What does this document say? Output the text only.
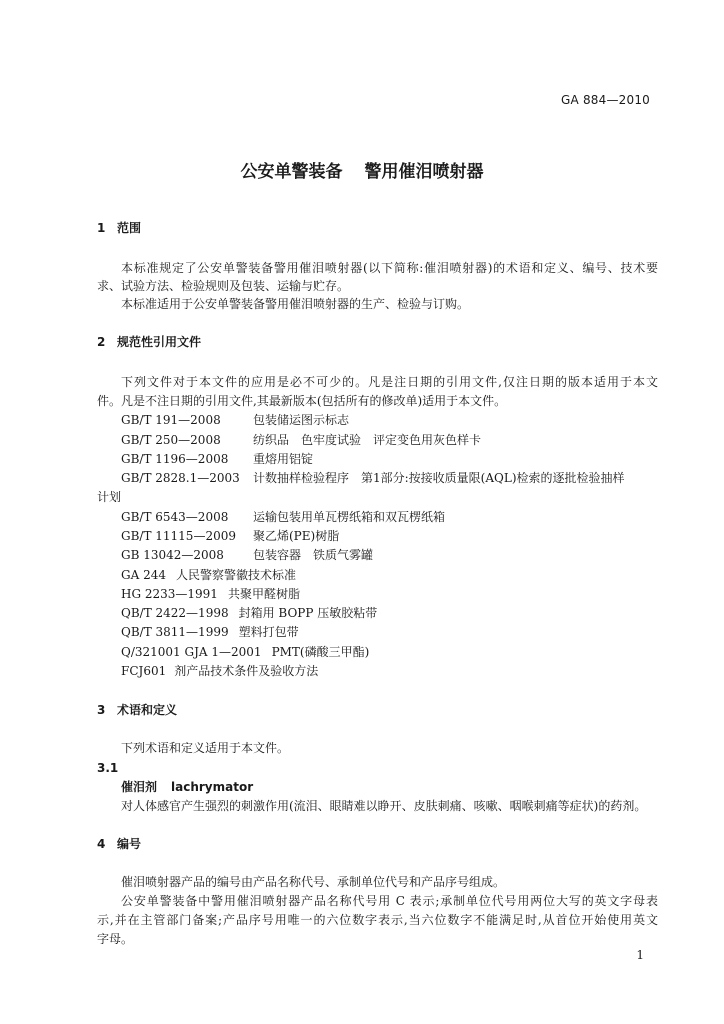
GA 884—2010
公安单警装备 警用催泪喷射器
1 范围
本标准规定了公安单警装备警用催泪喷射器(以下简称:催泪喷射器)的术语和定义、编号、技术要
求、试验方法、检验规则及包装、运输与贮存。
本标准适用于公安单警装备警用催泪喷射器的生产、检验与订购。
2 规范性引用文件
下列文件对于本文件的应用是必不可少的。凡是注日期的引用文件,仅注日期的版本适用于本文
件。凡是不注日期的引用文件,其最新版本(包括所有的修改单)适用于本文件。
GB/T 191—2008	包装储运图示标志
GB/T 250—2008	纺织品　色牢度试验　评定变色用灰色样卡
GB/T 1196—2008 重熔用铝锭
GB/T 2828.1—2003 计数抽样检验程序　第1部分:按接收质量限(AQL)检索的逐批检验抽样
计划
GB/T 6543—2008 运输包装用单瓦楞纸箱和双瓦楞纸箱
GB/T 11115—2009 聚乙烯(PE)树脂
GB 13042—2008 包装容器　铁质气雾罐
GA 244 人民警察警徽技术标准
HG 2233—1991 共聚甲醛树脂
QB/T 2422—1998 封箱用 BOPP 压敏胶粘带
QB/T 3811—1999 塑料打包带
Q/321001 GJA 1—2001 PMT(磷酸三甲酯)
FCJ601 剂产品技术条件及验收方法
3 术语和定义
下列术语和定义适用于本文件。
3.1
催泪剂 lachrymator
对人体感官产生强烈的刺激作用(流泪、眼睛难以睁开、皮肤刺痛、咳嗽、咽喉刺痛等症状)的药剂。
4 编号
催泪喷射器产品的编号由产品名称代号、承制单位代号和产品序号组成。
公安单警装备中警用催泪喷射器产品名称代号用 C 表示;承制单位代号用两位大写的英文字母表
示,并在主管部门备案;产品序号用唯一的六位数字表示,当六位数字不能满足时,从首位开始使用英文
字母。
1
